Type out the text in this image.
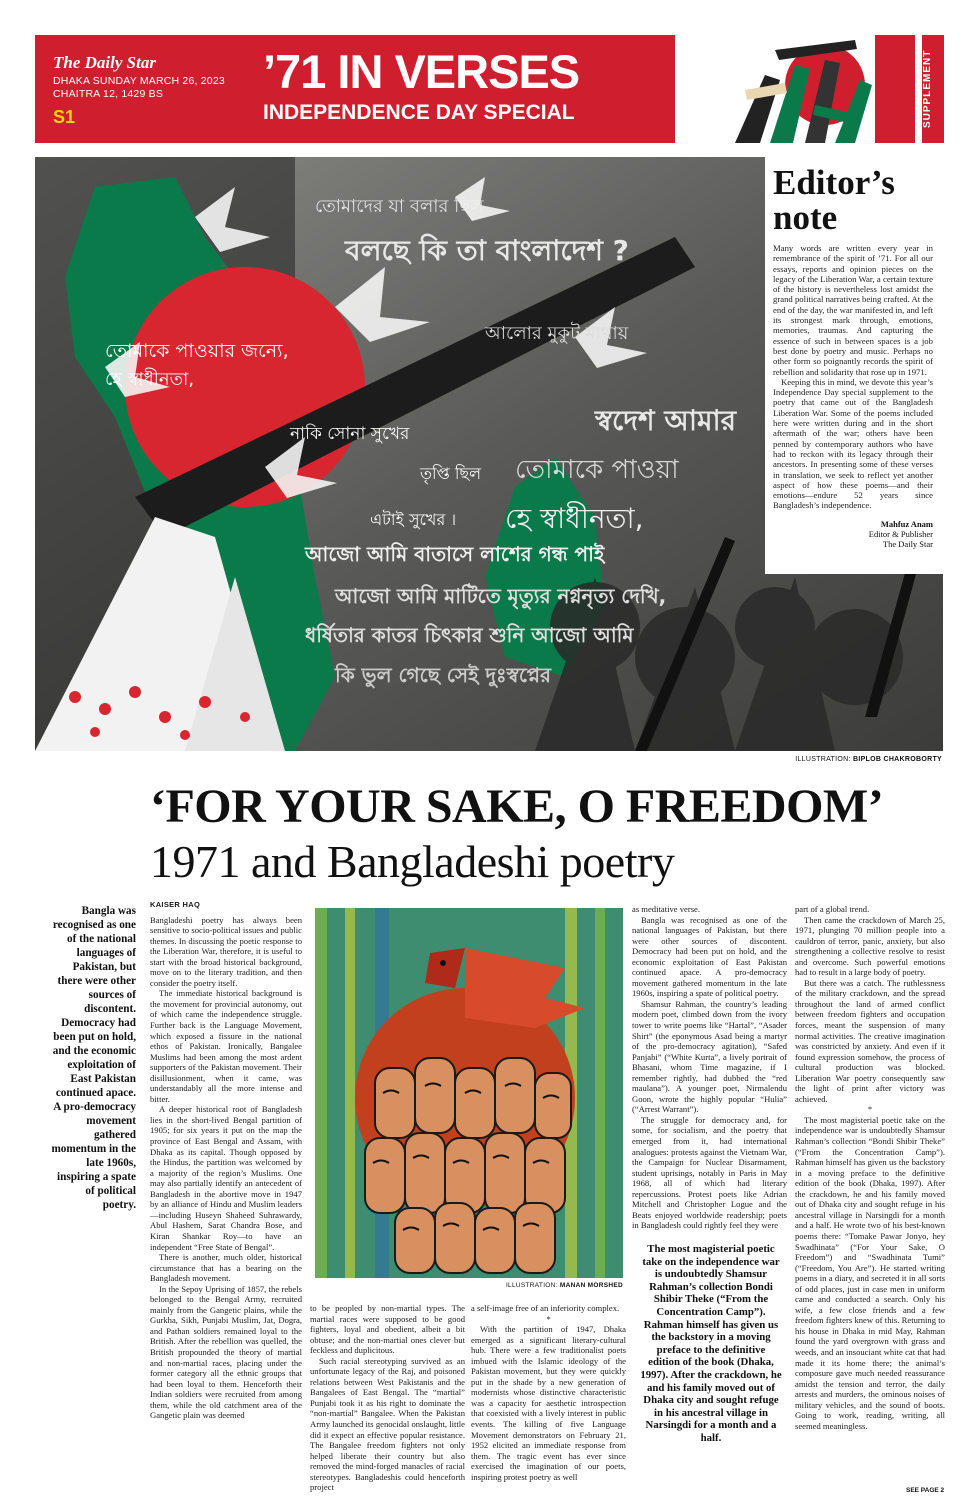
The Daily Star
DHAKA SUNDAY MARCH 26, 2023
CHAITRA 12, 1429 BS
S1
’71 IN VERSES
INDEPENDENCE DAY SPECIAL	SUPPLEMENT
তোমাদের যা বলার ছিল
বলছে কি তা বাংলাদেশ ?
আলোর মুকুট মাথায়
তোমাকে পাওয়ার জন্যে,
হে স্বাধীনতা,
স্বদেশ আমার
তোমাকে পাওয়া
নাকি সোনা সুখের
তৃপ্তি ছিল
এটাই সুখের । হে স্বাধীনতা,
আজো আমি বাতাসে লাশের গন্ধ পাই
আজো আমি মাটিতে মৃত্যুর নগ্ননৃত্য দেখি,
ধর্ষিতার কাতর চিৎকার শুনি আজো আমি
কি ভুল গেছে সেই দুঃস্বপ্নের
Editor’s
note

Many words are written every year in remembrance of the spirit of ’71. For all our essays, reports and opinion pieces on the legacy of the Liberation War, a certain texture of the history is nevertheless lost amidst the grand political narratives being crafted. At the end of the day, the war manifested in, and left its strongest mark through, emotions, memories, traumas. And capturing the essence of such in between spaces is a job best done by poetry and music. Perhaps no other form so poignantly records the spirit of rebellion and solidarity that rose up in 1971.

Keeping this in mind, we devote this year’s Independence Day special supplement to the poetry that came out of the Bangladesh Liberation War. Some of the poems included here were written during and in the short aftermath of the war; others have been penned by contemporary authors who have had to reckon with its legacy through their ancestors. In presenting some of these verses in translation, we seek to reflect yet another aspect of how these poems—and their emotions—endure 52 years since Bangladesh’s independence.

Mahfuz Anam
Editor & Publisher
The Daily Star
ILLUSTRATION: BIPLOB CHAKROBORTY
‘FOR YOUR SAKE, O FREEDOM’
1971 and Bangladeshi poetry
Bangla was recognised as one of the national languages of Pakistan, but there were other sources of discontent. Democracy had been put on hold, and the economic exploitation of East Pakistan continued apace. A pro-democracy movement gathered momentum in the late 1960s, inspiring a spate of political poetry.
KAISER HAQ

Bangladeshi poetry has always been sensitive to socio-political issues and public themes. In discussing the poetic response to the Liberation War, therefore, it is useful to start with the broad historical background, move on to the literary tradition, and then consider the poetry itself.

The immediate historical background is the movement for provincial autonomy, out of which came the independence struggle. Further back is the Language Movement, which exposed a fissure in the national ethos of Pakistan. Ironically, Bangalee Muslims had been among the most ardent supporters of the Pakistan movement. Their disillusionment, when it came, was understandably all the more intense and bitter.

A deeper historical root of Bangladesh lies in the short-lived Bengal partition of 1905; for six years it put on the map the province of East Bengal and Assam, with Dhaka as its capital. Though opposed by the Hindus, the partition was welcomed by a majority of the region’s Muslims. One may also partially identify an antecedent of Bangladesh in the abortive move in 1947 by an alliance of Hindu and Muslim leaders—including Huseyn Shaheed Suhrawardy, Abul Hashem, Sarat Chandra Bose, and Kiran Shankar Roy—to have an independent “Free State of Bengal”.

There is another, much older, historical circumstance that has a bearing on the Bangladesh movement.

In the Sepoy Uprising of 1857, the rebels belonged to the Bengal Army, recruited mainly from the Gangetic plains, while the Gurkha, Sikh, Punjabi Muslim, Jat, Dogra, and Pathan soldiers remained loyal to the British. After the rebellion was quelled, the British propounded the theory of martial and non-martial races, placing under the former category all the ethnic groups that had been loyal to them. Henceforth their Indian soldiers were recruited from among them, while the old catchment area of the Gangetic plain was deemed

ILLUSTRATION: MANAN MORSHED

to be peopled by non-martial types. The martial races were supposed to be good fighters, loyal and obedient, albeit a bit obtuse; and the non-martial ones clever but feckless and duplicitous.

Such racial stereotyping survived as an unfortunate legacy of the Raj, and poisoned relations between West Pakistanis and the Bangalees of East Bengal. The “martial” Punjabi took it as his right to dominate the “non-martial” Bangalee. When the Pakistan Army launched its genocidal onslaught, little did it expect an effective popular resistance. The Bangalee freedom fighters not only helped liberate their country but also removed the mind-forged manacles of racial stereotypes. Bangladeshis could henceforth project

a self-image free of an inferiority complex.

*

With the partition of 1947, Dhaka emerged as a significant literary-cultural hub. There were a few traditionalist poets imbued with the Islamic ideology of the Pakistan movement, but they were quickly put in the shade by a new generation of modernists whose distinctive characteristic was a capacity for aesthetic introspection that coexisted with a lively interest in public events. The killing of five Language Movement demonstrators on February 21, 1952 elicited an immediate response from them. The tragic event has ever since exercised the imagination of our poets, inspiring protest poetry as well

as meditative verse.

Bangla was recognised as one of the national languages of Pakistan, but there were other sources of discontent. Democracy had been put on hold, and the economic exploitation of East Pakistan continued apace. A pro-democracy movement gathered momentum in the late 1960s, inspiring a spate of political poetry.

Shamsur Rahman, the country’s leading modern poet, climbed down from the ivory tower to write poems like “Hartal”, “Asader Shirt” (the eponymous Asad being a martyr of the pro-democracy agitation), “Safed Panjabi” (“White Kurta”, a lively portrait of Bhasani, whom Time magazine, if I remember rightly, had dubbed the “red maulana”). A younger poet, Nirmalendu Goon, wrote the highly popular “Hulia” (“Arrest Warrant”).

The struggle for democracy and, for some, for socialism, and the poetry that emerged from it, had international analogues: protests against the Vietnam War, the Campaign for Nuclear Disarmament, student uprisings, notably in Paris in May 1968, all of which had literary repercussions. Protest poets like Adrian Mitchell and Christopher Logue and the Beats enjoyed worldwide readership; poets in Bangladesh could rightly feel they were

The most magisterial poetic take on the independence war is undoubtedly Shamsur Rahman’s collection Bondi Shibir Theke (“From the Concentration Camp”). Rahman himself has given us the backstory in a moving preface to the definitive edition of the book (Dhaka, 1997). After the crackdown, he and his family moved out of Dhaka city and sought refuge in his ancestral village in Narsingdi for a month and a half.

part of a global trend.

Then came the crackdown of March 25, 1971, plunging 70 million people into a cauldron of terror, panic, anxiety, but also strengthening a collective resolve to resist and overcome. Such powerful emotions had to result in a large body of poetry.

But there was a catch. The ruthlessness of the military crackdown, and the spread throughout the land of armed conflict between freedom fighters and occupation forces, meant the suspension of many normal activities. The creative imagination was constricted by anxiety. And even if it found expression somehow, the process of cultural production was blocked. Liberation War poetry consequently saw the light of print after victory was achieved.

*

The most magisterial poetic take on the independence war is undoubtedly Shamsur Rahman’s collection “Bondi Shibir Theke” (“From the Concentration Camp”). Rahman himself has given us the backstory in a moving preface to the definitive edition of the book (Dhaka, 1997). After the crackdown, he and his family moved out of Dhaka city and sought refuge in his ancestral village in Narsingdi for a month and a half. He wrote two of his best-known poems there: “Tomake Pawar Jonyo, hey Swadhinata” (“For Your Sake, O Freedom”) and “Swadhinata Tumi” (“Freedom, You Are”). He started writing poems in a diary, and secreted it in all sorts of odd places, just in case men in uniform came and conducted a search. Only his wife, a few close friends and a few freedom fighters knew of this. Returning to his house in Dhaka in mid May, Rahman found the yard overgrown with grass and weeds, and an insouciant white cat that had made it its home there; the animal’s composure gave much needed reassurance amidst the tension and terror, the daily arrests and murders, the ominous noises of military vehicles, and the sound of boots. Going to work, reading, writing, all seemed meaningless.

SEE PAGE 2
